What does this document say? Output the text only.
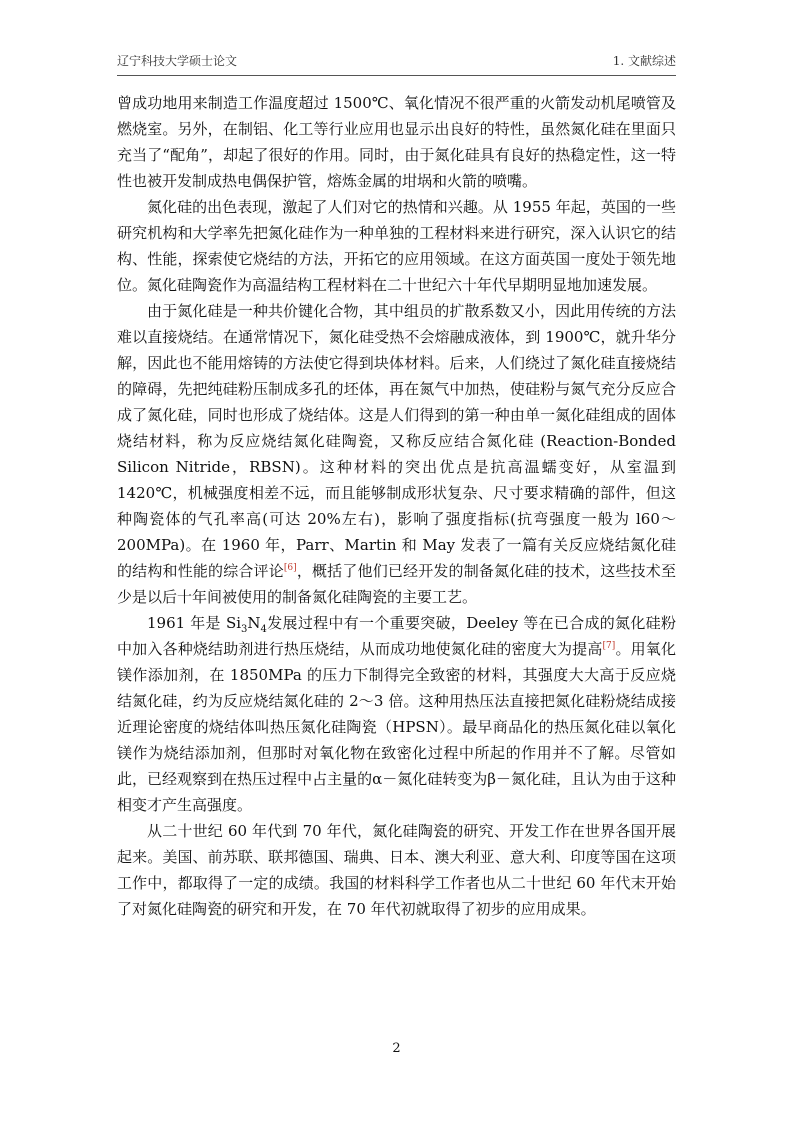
辽宁科技大学硕士论文	1. 文献综述

曾成功地用来制造工作温度超过 1500℃、氧化情况不很严重的火箭发动机尾喷管及燃烧室。另外，在制铝、化工等行业应用也显示出良好的特性，虽然氮化硅在里面只充当了“配角”，却起了很好的作用。同时，由于氮化硅具有良好的热稳定性，这一特性也被开发制成热电偶保护管，熔炼金属的坩埚和火箭的喷嘴。

氮化硅的出色表现，激起了人们对它的热情和兴趣。从 1955 年起，英国的一些研究机构和大学率先把氮化硅作为一种单独的工程材料来进行研究，深入认识它的结构、性能，探索使它烧结的方法，开拓它的应用领域。在这方面英国一度处于领先地位。氮化硅陶瓷作为高温结构工程材料在二十世纪六十年代早期明显地加速发展。

由于氮化硅是一种共价键化合物，其中组员的扩散系数又小，因此用传统的方法难以直接烧结。在通常情况下，氮化硅受热不会熔融成液体，到 1900℃，就升华分解，因此也不能用熔铸的方法使它得到块体材料。后来，人们绕过了氮化硅直接烧结的障碍，先把纯硅粉压制成多孔的坯体，再在氮气中加热，使硅粉与氮气充分反应合成了氮化硅，同时也形成了烧结体。这是人们得到的第一种由单一氮化硅组成的固体烧结材料，称为反应烧结氮化硅陶瓷，又称反应结合氮化硅 (Reaction-Bonded Silicon Nitride，RBSN)。这种材料的突出优点是抗高温蠕变好，从室温到 1420℃，机械强度相差不远，而且能够制成形状复杂、尺寸要求精确的部件，但这种陶瓷体的气孔率高(可达 20%左右)，影响了强度指标(抗弯强度一般为 l60～200MPa)。在 1960 年，Parr、Martin 和 May 发表了一篇有关反应烧结氮化硅的结构和性能的综合评论[6]，概括了他们已经开发的制备氮化硅的技术，这些技术至少是以后十年间被使用的制备氮化硅陶瓷的主要工艺。

1961 年是 $Si_3N_4$发展过程中有一个重要突破，Deeley 等在已合成的氮化硅粉中加入各种烧结助剂进行热压烧结，从而成功地使氮化硅的密度大为提高[7]。用氧化镁作添加剂，在 1850MPa 的压力下制得完全致密的材料，其强度大大高于反应烧结氮化硅，约为反应烧结氮化硅的 2～3 倍。这种用热压法直接把氮化硅粉烧结成接近理论密度的烧结体叫热压氮化硅陶瓷（HPSN）。最早商品化的热压氮化硅以氧化镁作为烧结添加剂，但那时对氧化物在致密化过程中所起的作用并不了解。尽管如此，已经观察到在热压过程中占主量的α－氮化硅转变为β－氮化硅，且认为由于这种相变才产生高强度。

从二十世纪 60 年代到 70 年代，氮化硅陶瓷的研究、开发工作在世界各国开展起来。美国、前苏联、联邦德国、瑞典、日本、澳大利亚、意大利、印度等国在这项工作中，都取得了一定的成绩。我国的材料科学工作者也从二十世纪 60 年代末开始了对氮化硅陶瓷的研究和开发，在 70 年代初就取得了初步的应用成果。

2
